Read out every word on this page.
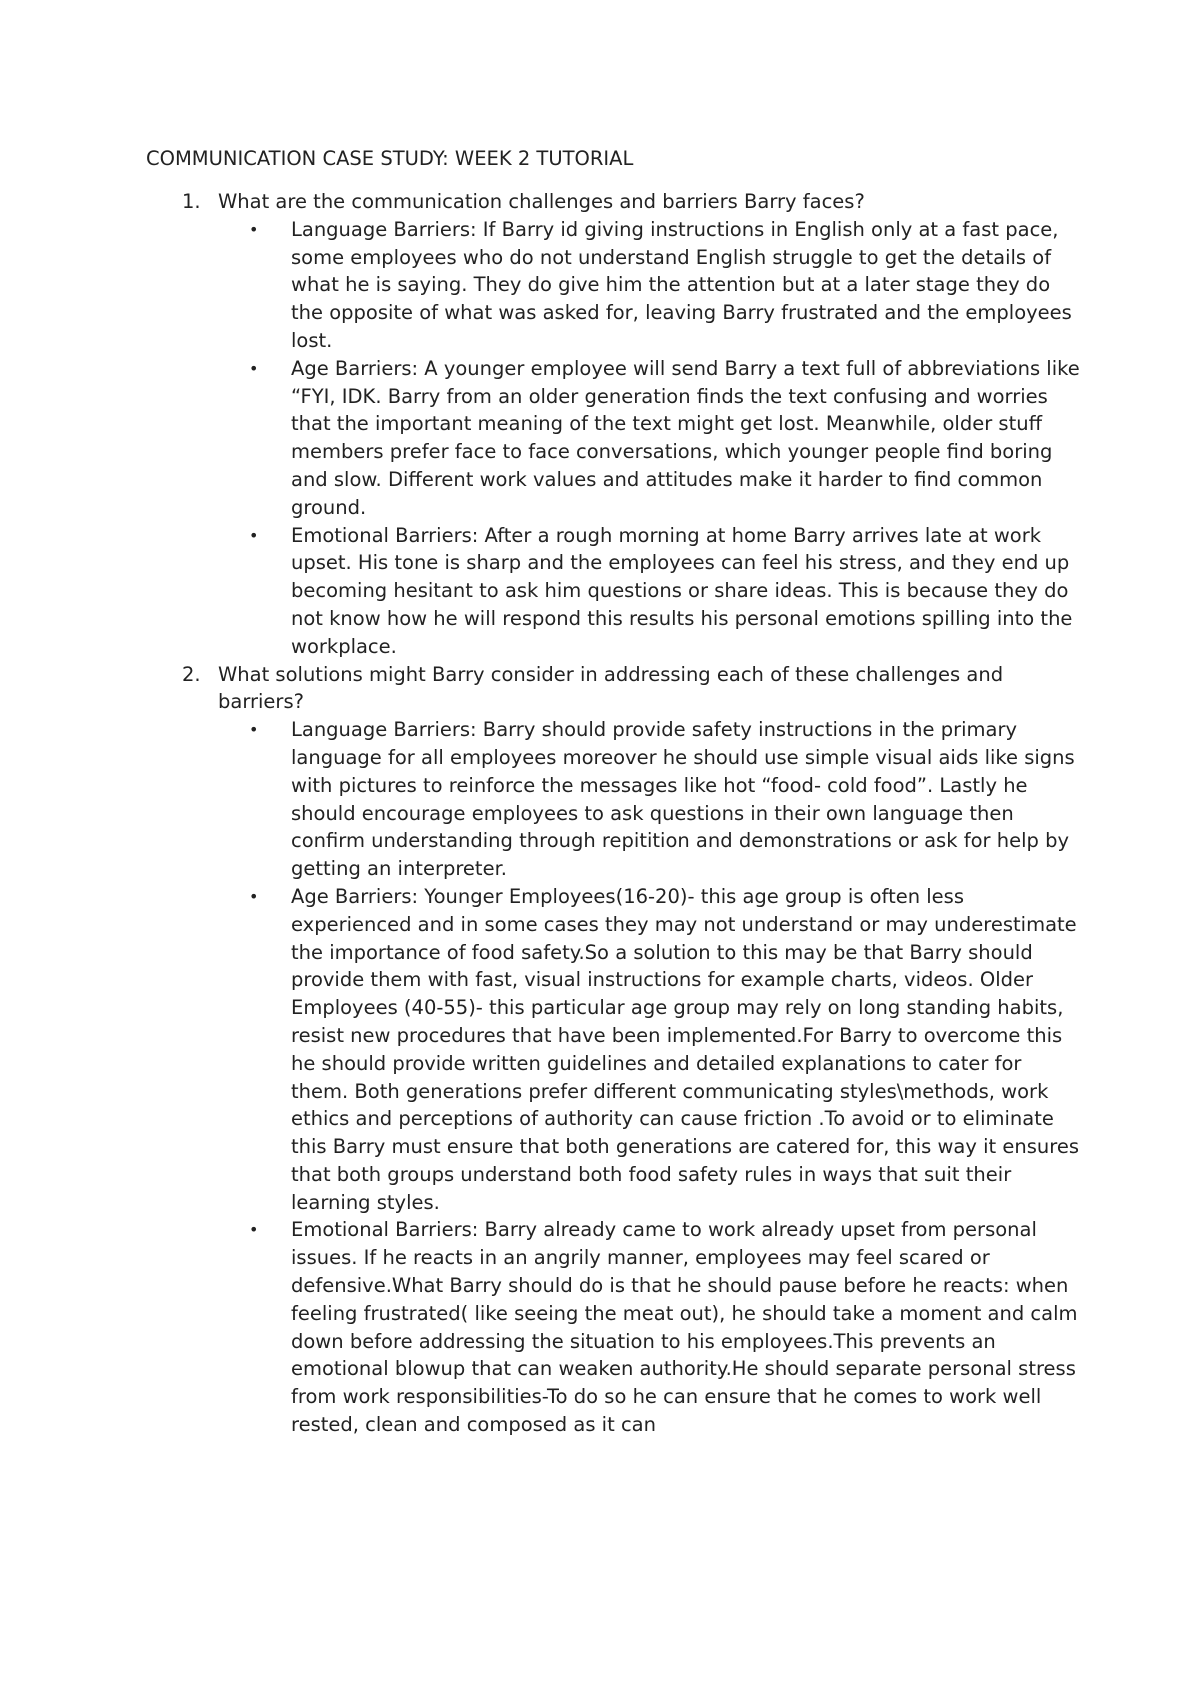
COMMUNICATION CASE STUDY: WEEK 2 TUTORIAL
1. What are the communication challenges and barriers Barry faces?
• Language Barriers: If Barry id giving instructions in English only at a fast pace, some employees who do not understand English struggle to get the details of what he is saying. They do give him the attention but at a later stage they do the opposite of what was asked for, leaving Barry frustrated and the employees lost.
• Age Barriers: A younger employee will send Barry a text full of abbreviations like “FYI, IDK. Barry from an older generation finds the text confusing and worries that the important meaning of the text might get lost. Meanwhile, older stuff members prefer face to face conversations, which younger people find boring and slow. Different work values and attitudes make it harder to find common ground.
• Emotional Barriers: After a rough morning at home Barry arrives late at work upset. His tone is sharp and the employees can feel his stress, and they end up becoming hesitant to ask him questions or share ideas. This is because they do not know how he will respond this results his personal emotions spilling into the workplace.
2. What solutions might Barry consider in addressing each of these challenges and barriers?
• Language Barriers: Barry should provide safety instructions in the primary language for all employees moreover he should use simple visual aids like signs with pictures to reinforce the messages like hot “food- cold food”. Lastly he should encourage employees to ask questions in their own language then confirm understanding through repitition and demonstrations or ask for help by getting an interpreter.
• Age Barriers: Younger Employees(16-20)- this age group is often less experienced and in some cases they may not understand or may underestimate the importance of food safety.So a solution to this may be that Barry should provide them with fast, visual instructions for example charts, videos. Older Employees (40-55)- this particular age group may rely on long standing habits, resist new procedures that have been implemented.For Barry to overcome this he should provide written guidelines and detailed explanations to cater for them. Both generations prefer different communicating styles\methods, work ethics and perceptions of authority can cause friction .To avoid or to eliminate this Barry must ensure that both generations are catered for, this way it ensures that both groups understand both food safety rules in ways that suit their learning styles.
• Emotional Barriers: Barry already came to work already upset from personal issues. If he reacts in an angrily manner, employees may feel scared or defensive.What Barry should do is that he should pause before he reacts: when feeling frustrated( like seeing the meat out), he should take a moment and calm down before addressing the situation to his employees.This prevents an emotional blowup that can weaken authority.He should separate personal stress from work responsibilities-To do so he can ensure that he comes to work well rested, clean and composed as it can
